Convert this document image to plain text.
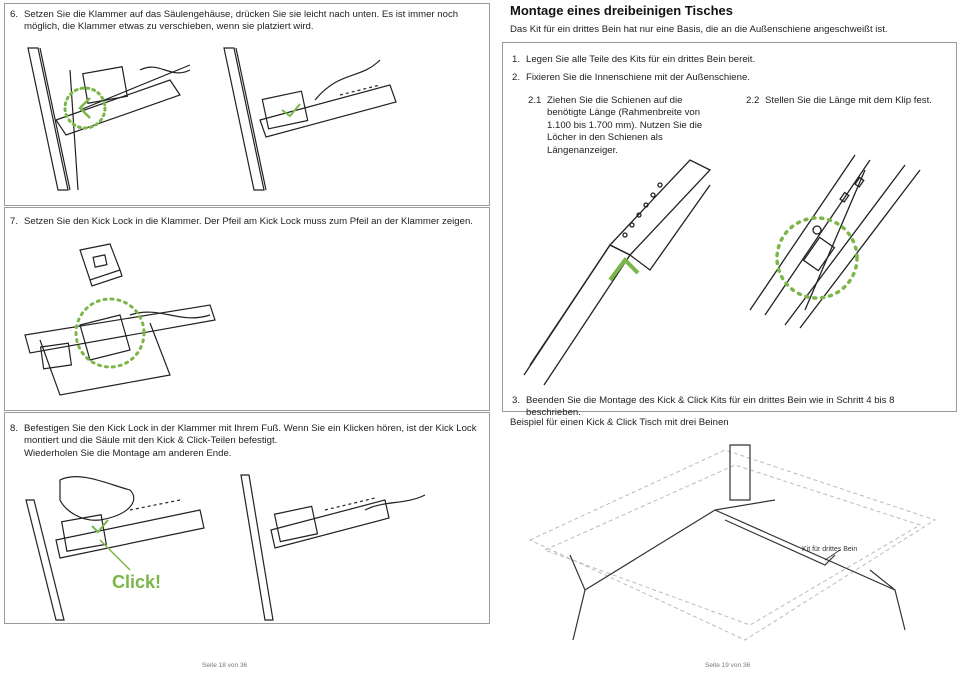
6. Setzen Sie die Klammer auf das Säulengehäuse, drücken Sie sie leicht nach unten. Es ist immer noch möglich, die Klammer etwas zu verschieben, wenn sie platziert wird.
7. Setzen Sie den Kick Lock in die Klammer. Der Pfeil am Kick Lock muss zum Pfeil an der Klammer zeigen.
8. Befestigen Sie den Kick Lock in der Klammer mit Ihrem Fuß. Wenn Sie ein Klicken hören, ist der Kick Lock montiert und die Säule mit den Kick & Click-Teilen befestigt.
Wiederholen Sie die Montage am anderen Ende.
Click!
Seite 18 von 36
Montage eines dreibeinigen Tisches
Das Kit für ein drittes Bein hat nur eine Basis, die an die Außenschiene angeschweißt ist.
1. Legen Sie alle Teile des Kits für ein drittes Bein bereit.
2. Fixieren Sie die Innenschiene mit der Außenschiene.
2.1 Ziehen Sie die Schienen auf die benötigte Länge (Rahmenbreite von 1.100 bis 1.700 mm). Nutzen Sie die Löcher in den Schienen als Längenanzeiger.
2.2 Stellen Sie die Länge mit dem Klip fest.
3. Beenden Sie die Montage des Kick & Click Kits für ein drittes Bein wie in Schritt 4 bis 8 beschrieben.
Beispiel für einen Kick & Click Tisch mit drei Beinen
Kit für drittes Bein
Seite 19 von 36
